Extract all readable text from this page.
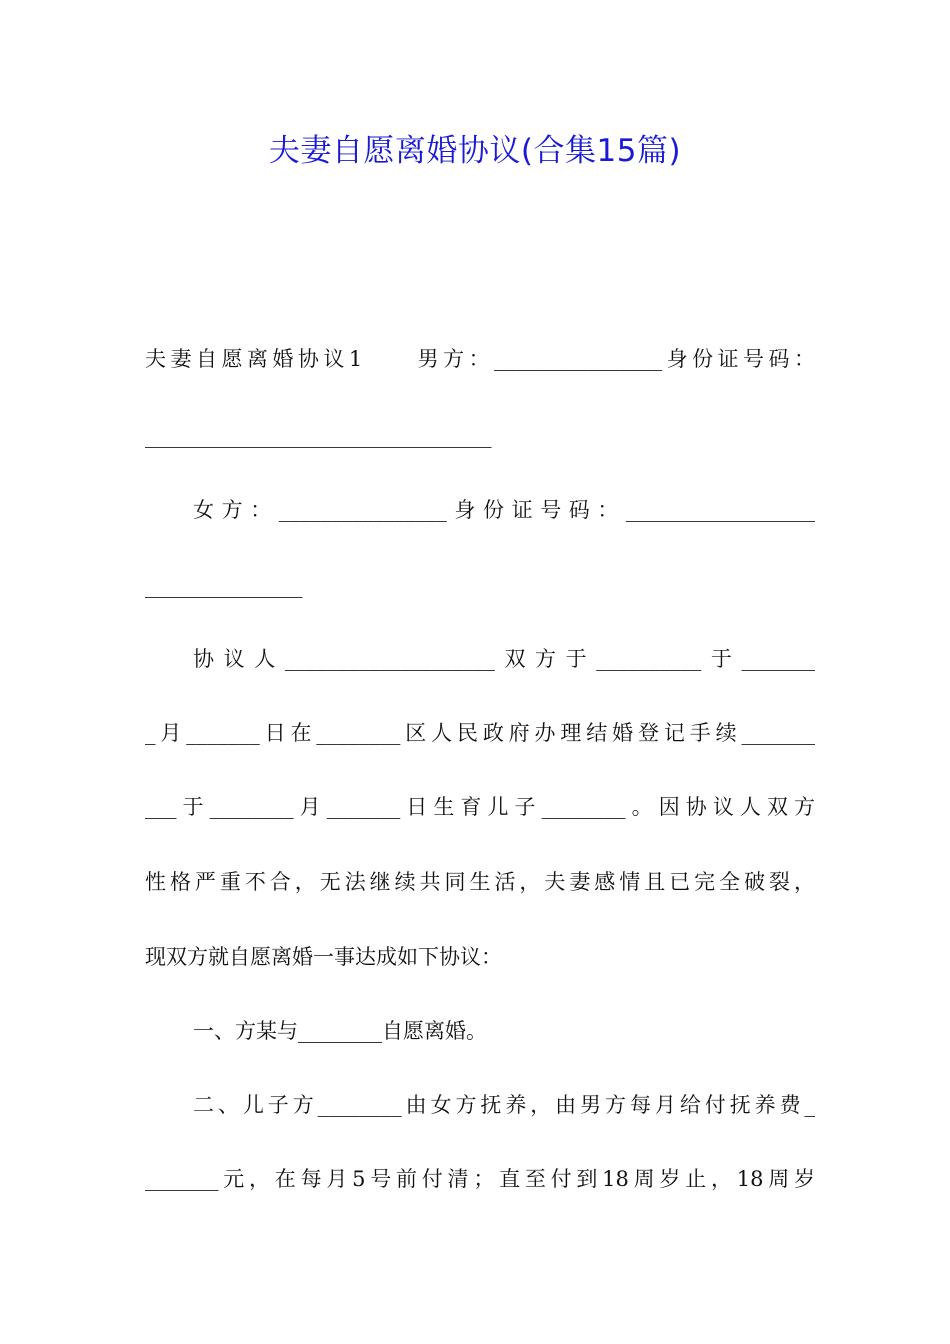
夫妻自愿离婚协议(合集15篇)
夫妻自愿离婚协议1　　男方：________________身份证号码：
_________________________________
女方：________________身份证号码：__________________
_______________
协议人____________________双方于__________于_______
_月_______日在________区人民政府办理结婚登记手续_______
___于________月_______日生育儿子________。因协议人双方
性格严重不合，无法继续共同生活，夫妻感情且已完全破裂，
现双方就自愿离婚一事达成如下协议：
一、方某与________自愿离婚。
二、儿子方________由女方抚养，由男方每月给付抚养费_
_______元，在每月5号前付清；直至付到18周岁止，18周岁
